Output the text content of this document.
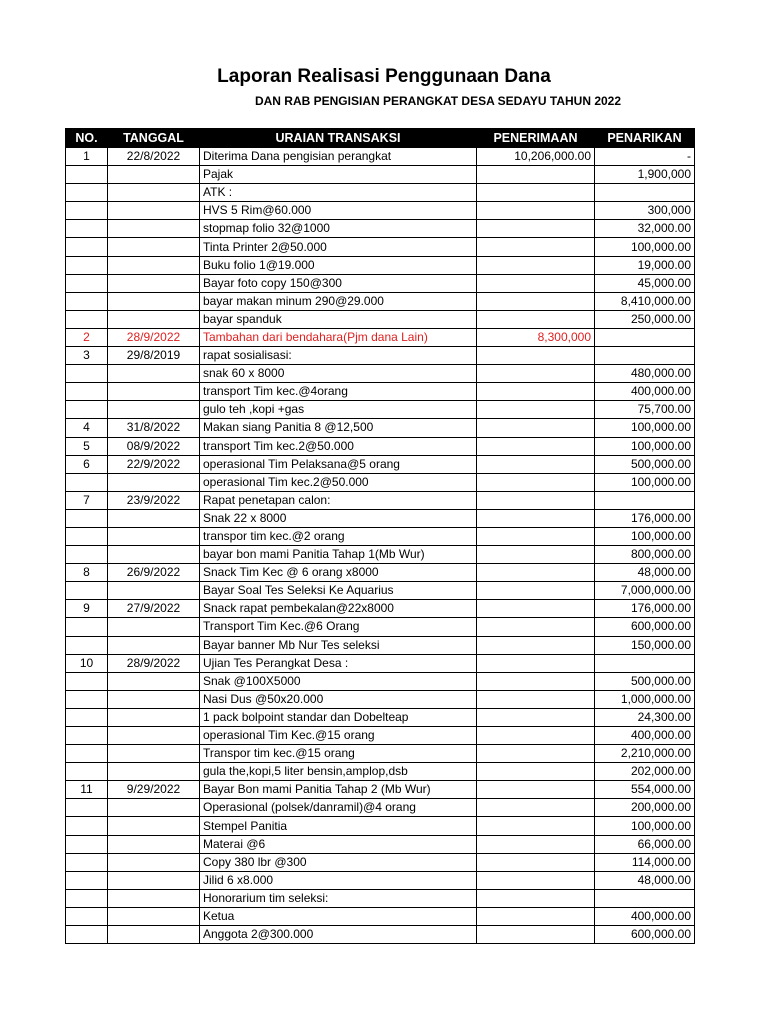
Laporan Realisasi Penggunaan Dana
DAN RAB PENGISIAN PERANGKAT DESA SEDAYU TAHUN 2022
NO.	TANGGAL	URAIAN TRANSAKSI	PENERIMAAN	PENARIKAN
1	22/8/2022	Diterima Dana pengisian perangkat	10,206,000.00	-
		Pajak		1,900,000
		ATK :		
		HVS 5 Rim@60.000		300,000
		stopmap folio 32@1000		32,000.00
		Tinta Printer 2@50.000		100,000.00
		Buku folio 1@19.000		19,000.00
		Bayar foto copy 150@300		45,000.00
		bayar makan minum 290@29.000		8,410,000.00
		bayar spanduk		250,000.00
2	28/9/2022	Tambahan dari bendahara(Pjm dana Lain)	8,300,000	
3	29/8/2019	rapat sosialisasi:		
		snak 60 x 8000		480,000.00
		transport Tim kec.@4orang		400,000.00
		gulo teh ,kopi +gas		75,700.00
4	31/8/2022	Makan siang Panitia 8 @12,500		100,000.00
5	08/9/2022	transport Tim kec.2@50.000		100,000.00
6	22/9/2022	operasional Tim Pelaksana@5 orang		500,000.00
		operasional Tim kec.2@50.000		100,000.00
7	23/9/2022	Rapat penetapan calon:		
		Snak 22 x 8000		176,000.00
		transpor tim kec.@2 orang		100,000.00
		bayar bon mami Panitia Tahap 1(Mb Wur)		800,000.00
8	26/9/2022	Snack Tim Kec @ 6 orang x8000		48,000.00
		Bayar Soal Tes Seleksi Ke Aquarius		7,000,000.00
9	27/9/2022	Snack rapat pembekalan@22x8000		176,000.00
		Transport Tim Kec.@6 Orang		600,000.00
		Bayar banner Mb Nur Tes seleksi		150,000.00
10	28/9/2022	Ujian Tes Perangkat Desa :		
		Snak @100X5000		500,000.00
		Nasi Dus @50x20.000		1,000,000.00
		1 pack bolpoint standar dan Dobelteap		24,300.00
		operasional Tim Kec.@15 orang		400,000.00
		Transpor tim kec.@15 orang		2,210,000.00
		gula the,kopi,5 liter bensin,amplop,dsb		202,000.00
11	9/29/2022	Bayar Bon mami Panitia Tahap 2 (Mb Wur)		554,000.00
		Operasional (polsek/danramil)@4 orang		200,000.00
		Stempel Panitia		100,000.00
		Materai @6		66,000.00
		Copy 380 lbr @300		114,000.00
		Jilid 6 x8.000		48,000.00
		Honorarium tim seleksi:		
		Ketua		400,000.00
		Anggota 2@300.000		600,000.00
